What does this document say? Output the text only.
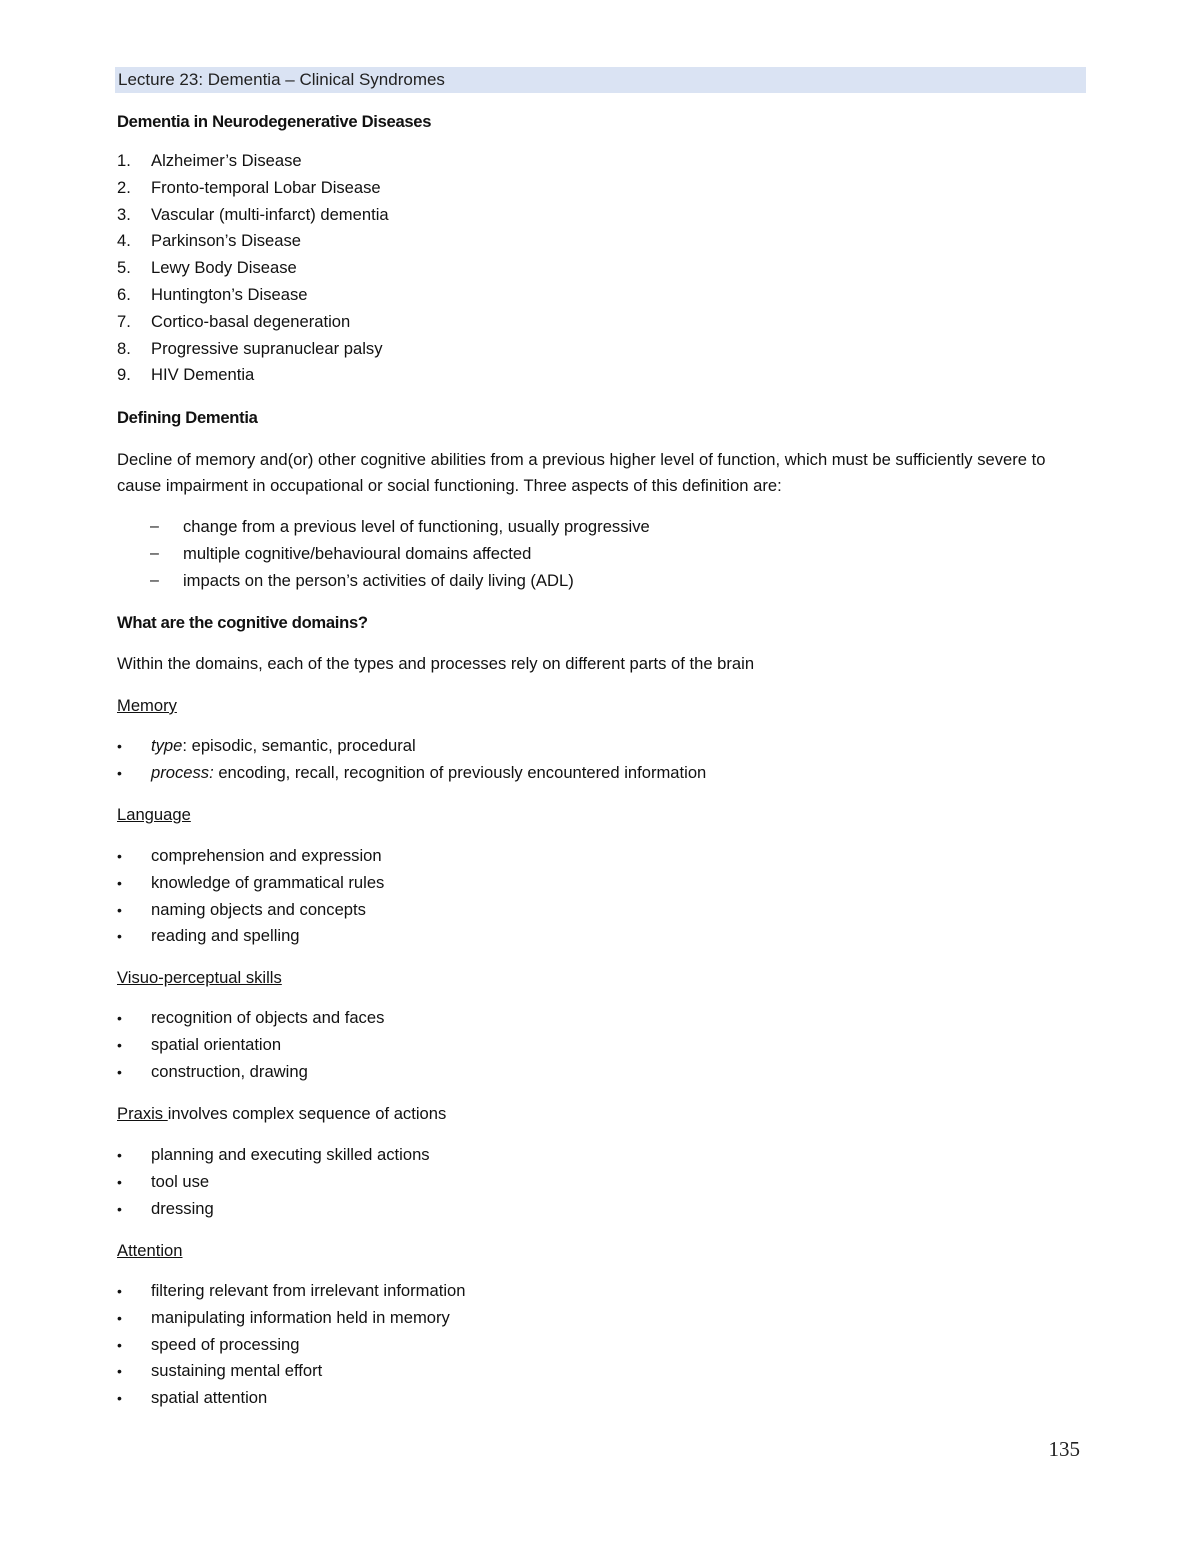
Lecture 23: Dementia – Clinical Syndromes
Dementia in Neurodegenerative Diseases
1. Alzheimer’s Disease
2. Fronto-temporal Lobar Disease
3. Vascular (multi-infarct) dementia
4. Parkinson’s Disease
5. Lewy Body Disease
6. Huntington’s Disease
7. Cortico-basal degeneration
8. Progressive supranuclear palsy
9. HIV Dementia
Defining Dementia
Decline of memory and(or) other cognitive abilities from a previous higher level of function, which must be sufficiently severe to cause impairment in occupational or social functioning. Three aspects of this definition are:
– change from a previous level of functioning, usually progressive
– multiple cognitive/behavioural domains affected
– impacts on the person’s activities of daily living (ADL)
What are the cognitive domains?
Within the domains, each of the types and processes rely on different parts of the brain
Memory
• type: episodic, semantic, procedural
• process: encoding, recall, recognition of previously encountered information
Language
• comprehension and expression
• knowledge of grammatical rules
• naming objects and concepts
• reading and spelling
Visuo-perceptual skills
• recognition of objects and faces
• spatial orientation
• construction, drawing
Praxis involves complex sequence of actions
• planning and executing skilled actions
• tool use
• dressing
Attention
• filtering relevant from irrelevant information
• manipulating information held in memory
• speed of processing
• sustaining mental effort
• spatial attention
135
